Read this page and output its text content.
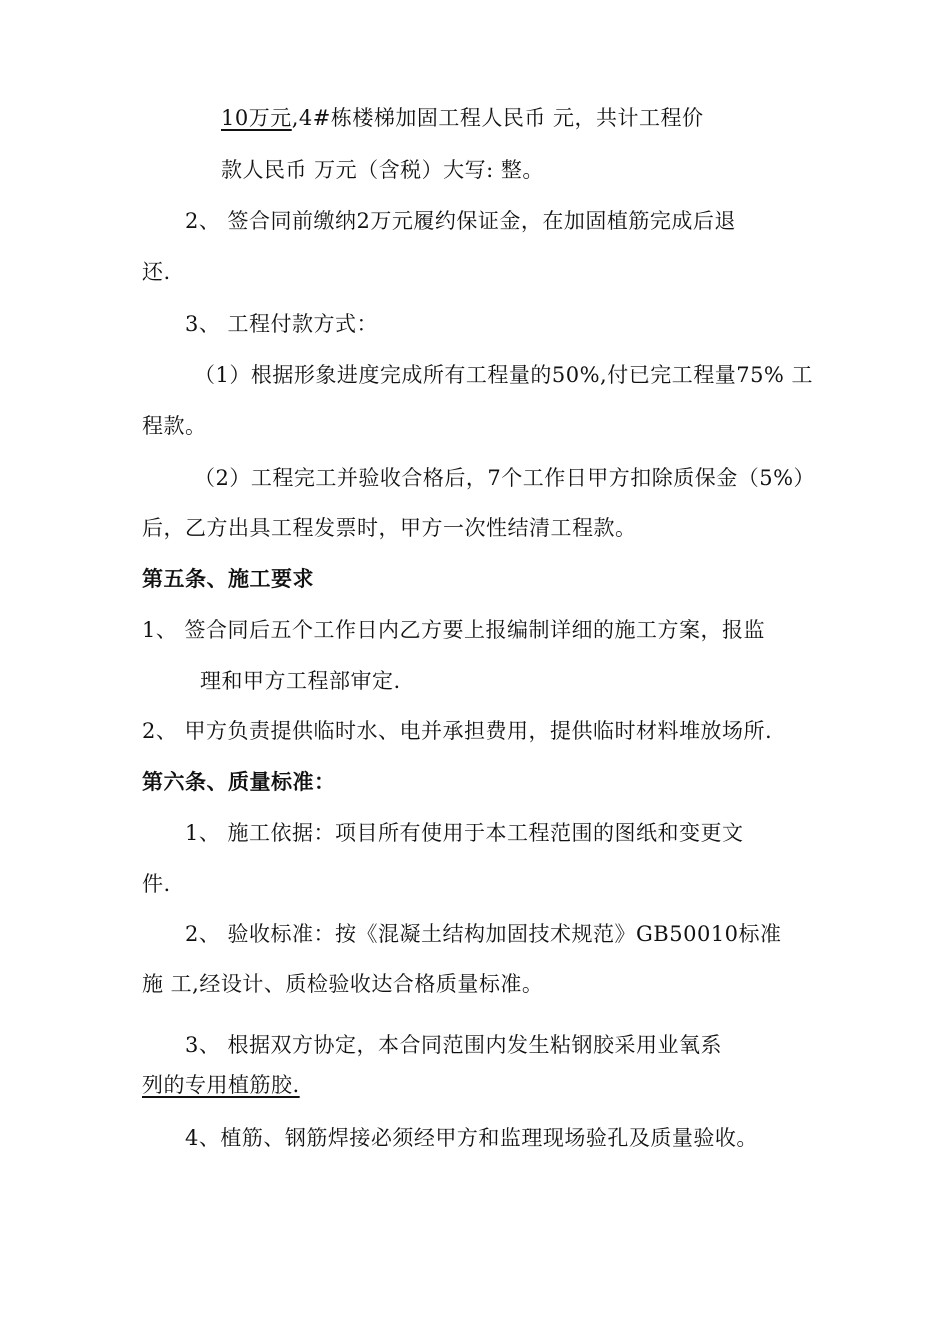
10万元,4#栋楼梯加固工程人民币 元，共计工程价
款人民币 万元（含税）大写: 整。
2、 签合同前缴纳2万元履约保证金，在加固植筋完成后退
还.
3、 工程付款方式：
（1）根据形象进度完成所有工程量的50%,付已完工程量75% 工
程款。
（2）工程完工并验收合格后，7个工作日甲方扣除质保金（5%）
后，乙方出具工程发票时，甲方一次性结清工程款。
第五条、施工要求
1、 签合同后五个工作日内乙方要上报编制详细的施工方案，报监
理和甲方工程部审定.
2、 甲方负责提供临时水、电并承担费用，提供临时材料堆放场所.
第六条、质量标准：
1、 施工依据：项目所有使用于本工程范围的图纸和变更文
件.
2、 验收标准：按《混凝土结构加固技术规范》GB50010标准
施 工,经设计、质检验收达合格质量标准。
3、 根据双方协定，本合同范围内发生粘钢胶采用业氧系
列的专用植筋胶.
4、植筋、钢筋焊接必须经甲方和监理现场验孔及质量验收。
